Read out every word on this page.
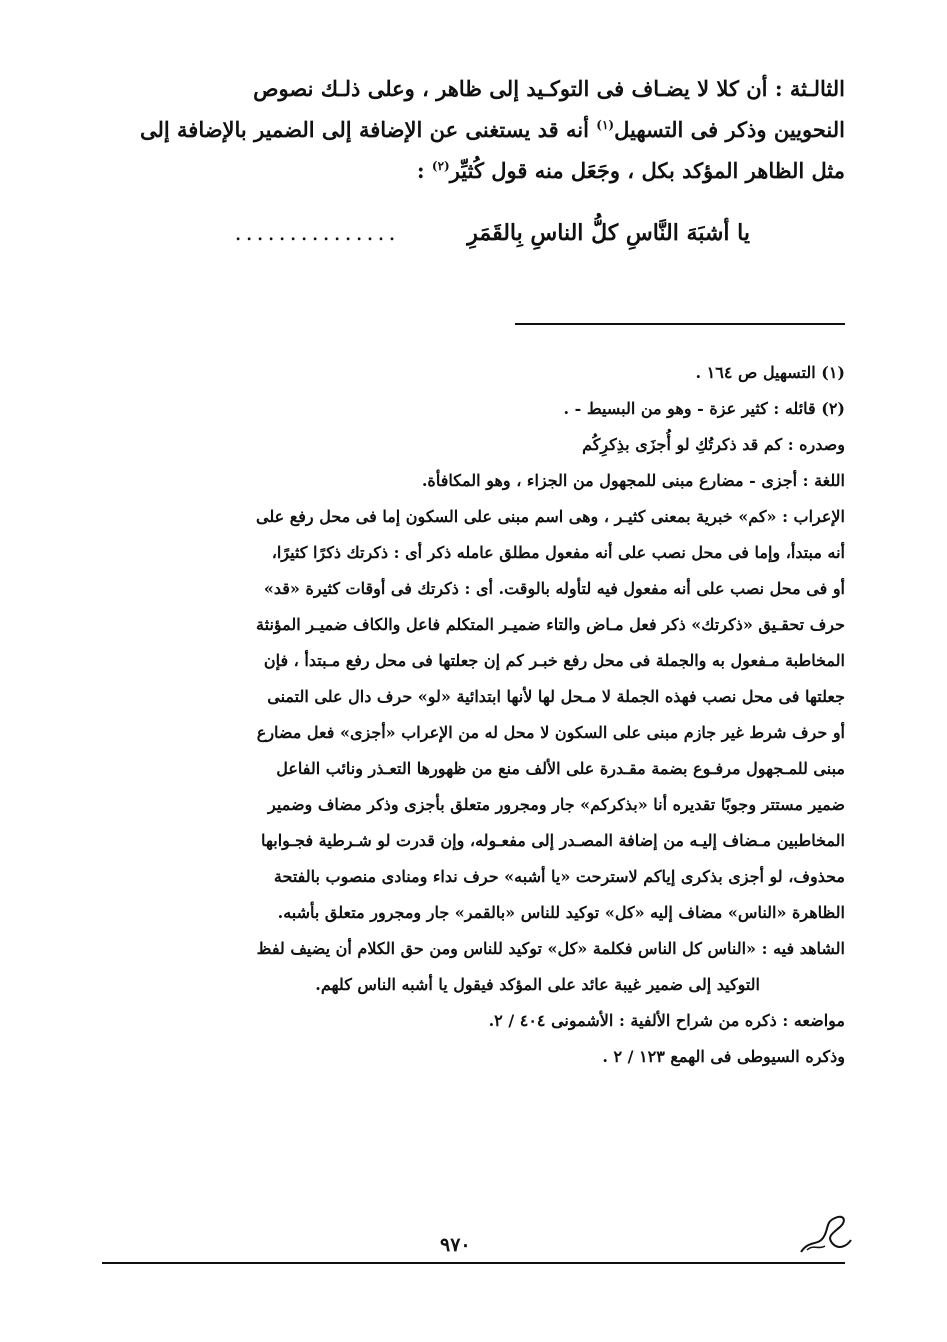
الثالـثة : أن كلا لا يضـاف فى التوكـيد إلى ظاهر ، وعلى ذلـك نصوص
النحويين وذكر فى التسهيل$^{(١)}$ أنه قد يستغنى عن الإضافة إلى الضمير بالإضافة إلى
مثل الظاهر المؤكد بكل ، وجَعَل منه قول كُثيِّر$^{(٢)}$ :

يا أشبَهَ النَّاسِ كلُّ الناسِ بِالقَمَرِ ...............
(١) التسهيل ص ١٦٤ .
(٢) قائله : كثير عزة - وهو من البسيط - .
وصدره : كم قد ذكرتُكِ لو أُجزَى بذِكرِكُم
اللغة : أجزى - مضارع مبنى للمجهول من الجزاء ، وهو المكافأة.
الإعراب : «كم» خبرية بمعنى كثيـر ، وهى اسم مبنى على السكون إما فى محل رفع على
أنه مبتدأ، وإما فى محل نصب على أنه مفعول مطلق عامله ذكر أى : ذكرتك ذكرًا كثيرًا،
أو فى محل نصب على أنه مفعول فيه لتأوله بالوقت. أى : ذكرتك فى أوقات كثيرة «قد»
حرف تحقـيق «ذكرتك» ذكر فعل مـاض والتاء ضميـر المتكلم فاعل والكاف ضميـر المؤنثة
المخاطبة مـفعول به والجملة فى محل رفع خبـر كم إن جعلتها فى محل رفع مـبتدأ ، فإن
جعلتها فى محل نصب فهذه الجملة لا مـحل لها لأنها ابتدائية «لو» حرف دال على التمنى
أو حرف شرط غير جازم مبنى على السكون لا محل له من الإعراب «أجزى» فعل مضارع
مبنى للمـجهول مرفـوع بضمة مقـدرة على الألف منع من ظهورها التعـذر ونائب الفاعل
ضمير مستتر وجوبًا تقديره أنا «بذكركم» جار ومجرور متعلق بأجزى وذكر مضاف وضمير
المخاطبين مـضاف إليـه من إضافة المصـدر إلى مفعـوله، وإن قدرت لو شـرطية فجـوابها
محذوف، لو أجزى بذكرى إياكم لاسترحت «يا أشبه» حرف نداء ومنادى منصوب بالفتحة
الظاهرة «الناس» مضاف إليه «كل» توكيد للناس «بالقمر» جار ومجرور متعلق بأشبه.
الشاهد فيه : «الناس كل الناس فكلمة «كل» توكيد للناس ومن حق الكلام أن يضيف لفظ
التوكيد إلى ضمير غيبة عائد على المؤكد فيقول يا أشبه الناس كلهم.
مواضعه : ذكره من شراح الألفية : الأشمونى ٤٠٤ / ٢.
وذكره السيوطى فى الهمع ١٢٣ / ٢ .
٩٧٠
